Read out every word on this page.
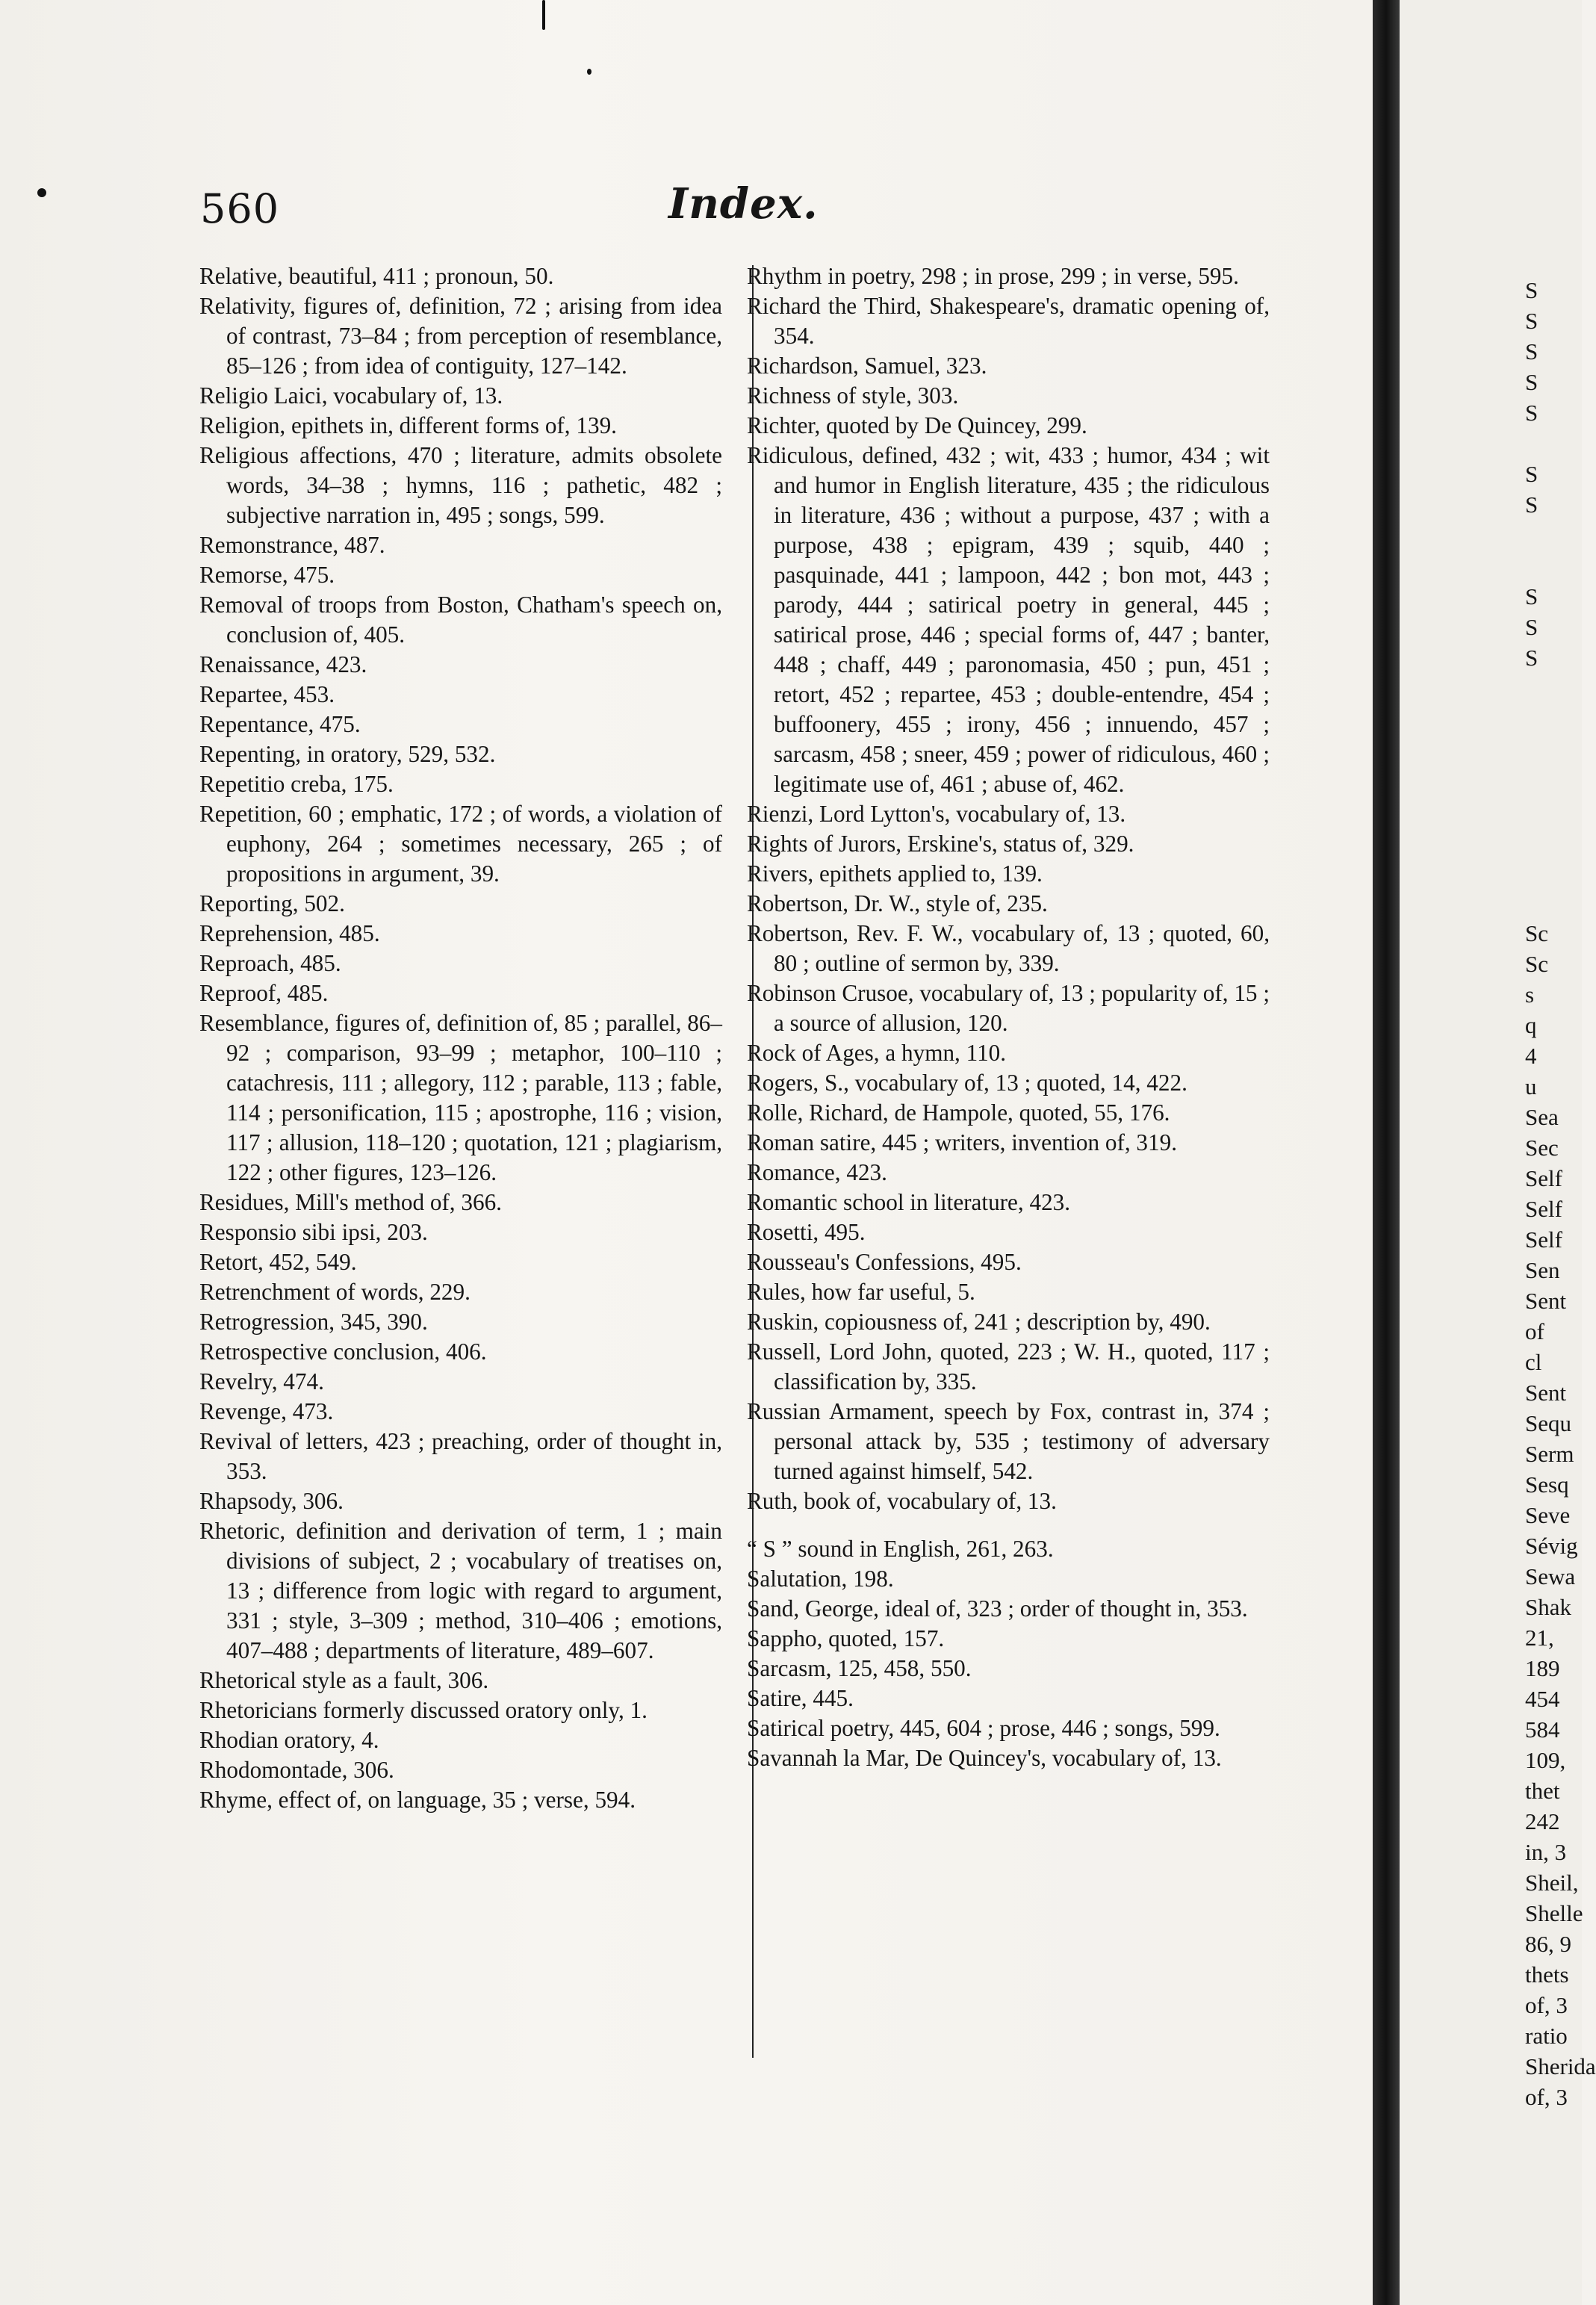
560	Index.

Relative, beautiful, 411 ; pronoun, 50.

Relativity, figures of, definition, 72 ; arising from idea of contrast, 73–84 ; from perception of resemblance, 85–126 ; from idea of contiguity, 127–142.

Religio Laici, vocabulary of, 13.

Religion, epithets in, different forms of, 139.

Religious affections, 470 ; literature, admits obsolete words, 34–38 ; hymns, 116 ; pathetic, 482 ; subjective narration in, 495 ; songs, 599.

Remonstrance, 487.

Remorse, 475.

Removal of troops from Boston, Chatham's speech on, conclusion of, 405.

Renaissance, 423.

Repartee, 453.

Repentance, 475.

Repenting, in oratory, 529, 532.

Repetitio creba, 175.

Repetition, 60 ; emphatic, 172 ; of words, a violation of euphony, 264 ; sometimes necessary, 265 ; of propositions in argument, 39.

Reporting, 502.

Reprehension, 485.

Reproach, 485.

Reproof, 485.

Resemblance, figures of, definition of, 85 ; parallel, 86–92 ; comparison, 93–99 ; metaphor, 100–110 ; catachresis, 111 ; allegory, 112 ; parable, 113 ; fable, 114 ; personification, 115 ; apostrophe, 116 ; vision, 117 ; allusion, 118–120 ; quotation, 121 ; plagiarism, 122 ; other figures, 123–126.

Residues, Mill's method of, 366.

Responsio sibi ipsi, 203.

Retort, 452, 549.

Retrenchment of words, 229.

Retrogression, 345, 390.

Retrospective conclusion, 406.

Revelry, 474.

Revenge, 473.

Revival of letters, 423 ; preaching, order of thought in, 353.

Rhapsody, 306.

Rhetoric, definition and derivation of term, 1 ; main divisions of subject, 2 ; vocabulary of treatises on, 13 ; difference from logic with regard to argument, 331 ; style, 3–309 ; method, 310–406 ; emotions, 407–488 ; departments of literature, 489–607.

Rhetorical style as a fault, 306.

Rhetoricians formerly discussed oratory only, 1.

Rhodian oratory, 4.

Rhodomontade, 306.

Rhyme, effect of, on language, 35 ; verse, 594.

Rhythm in poetry, 298 ; in prose, 299 ; in verse, 595.

Richard the Third, Shakespeare's, dramatic opening of, 354.

Richardson, Samuel, 323.

Richness of style, 303.

Richter, quoted by De Quincey, 299.

Ridiculous, defined, 432 ; wit, 433 ; humor, 434 ; wit and humor in English literature, 435 ; the ridiculous in literature, 436 ; without a purpose, 437 ; with a purpose, 438 ; epigram, 439 ; squib, 440 ; pasquinade, 441 ; lampoon, 442 ; bon mot, 443 ; parody, 444 ; satirical poetry in general, 445 ; satirical prose, 446 ; special forms of, 447 ; banter, 448 ; chaff, 449 ; paronomasia, 450 ; pun, 451 ; retort, 452 ; repartee, 453 ; double-entendre, 454 ; buffoonery, 455 ; irony, 456 ; innuendo, 457 ; sarcasm, 458 ; sneer, 459 ; power of ridiculous, 460 ; legitimate use of, 461 ; abuse of, 462.

Rienzi, Lord Lytton's, vocabulary of, 13.

Rights of Jurors, Erskine's, status of, 329.

Rivers, epithets applied to, 139.

Robertson, Dr. W., style of, 235.

Robertson, Rev. F. W., vocabulary of, 13 ; quoted, 60, 80 ; outline of sermon by, 339.

Robinson Crusoe, vocabulary of, 13 ; popularity of, 15 ; a source of allusion, 120.

Rock of Ages, a hymn, 110.

Rogers, S., vocabulary of, 13 ; quoted, 14, 422.

Rolle, Richard, de Hampole, quoted, 55, 176.

Roman satire, 445 ; writers, invention of, 319.

Romance, 423.

Romantic school in literature, 423.

Rosetti, 495.

Rousseau's Confessions, 495.

Rules, how far useful, 5.

Ruskin, copiousness of, 241 ; description by, 490.

Russell, Lord John, quoted, 223 ; W. H., quoted, 117 ; classification by, 335.

Russian Armament, speech by Fox, contrast in, 374 ; personal attack by, 535 ; testimony of adversary turned against himself, 542.

Ruth, book of, vocabulary of, 13.

“ S ” sound in English, 261, 263.

Salutation, 198.

Sand, George, ideal of, 323 ; order of thought in, 353.

Sappho, quoted, 157.

Sarcasm, 125, 458, 550.

Satire, 445.

Satirical poetry, 445, 604 ; prose, 446 ; songs, 599.

Savannah la Mar, De Quincey's, vocabulary of, 13.

S
S
S
S
S
S
S
S
S
S
Sc
Sc
s
q
4
u
Sea
Sec
Self
Self
Self
Sen
Sent
of
cl
Sent
Sequ
Serm
Sesq
Seve
Sévig
Sewa
Shak
21,
189
454
584
109,
thet
242
in, 3
Sheil,
Shelle
86, 9
thets
of, 3
ratio
Sherida
of, 3
